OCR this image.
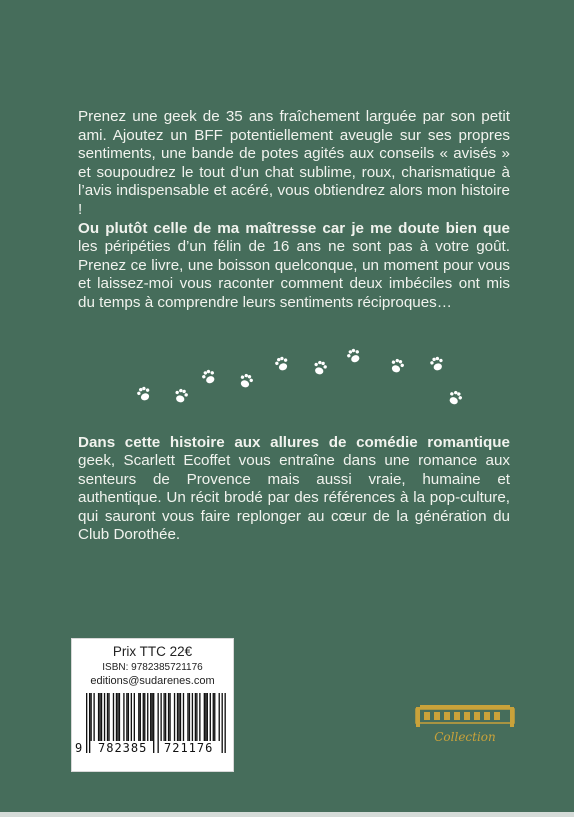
Prenez une geek de 35 ans fraîchement larguée par son petit ami. Ajoutez un BFF potentiellement aveugle sur ses propres sentiments, une bande de potes agités aux conseils « avisés » et soupoudrez le tout d’un chat sublime, roux, charismatique à l’avis indispensable et acéré, vous obtiendrez alors mon histoire !

Ou plutôt celle de ma maîtresse car je me doute bien que les péripéties d’un félin de 16 ans ne sont pas à votre goût. Prenez ce livre, une boisson quelconque, un moment pour vous et laissez-moi vous raconter comment deux imbéciles ont mis du temps à comprendre leurs sentiments réciproques…

Dans cette histoire aux allures de comédie romantique geek, Scarlett Ecoffet vous entraîne dans une romance aux senteurs de Provence mais aussi vraie, humaine et authentique. Un récit brodé par des références à la pop-culture, qui sauront vous faire replonger au cœur de la génération du Club Dorothée.

Prix TTC 22€
ISBN: 9782385721176
editions@sudarenes.com
9 782385 721176
Collection
